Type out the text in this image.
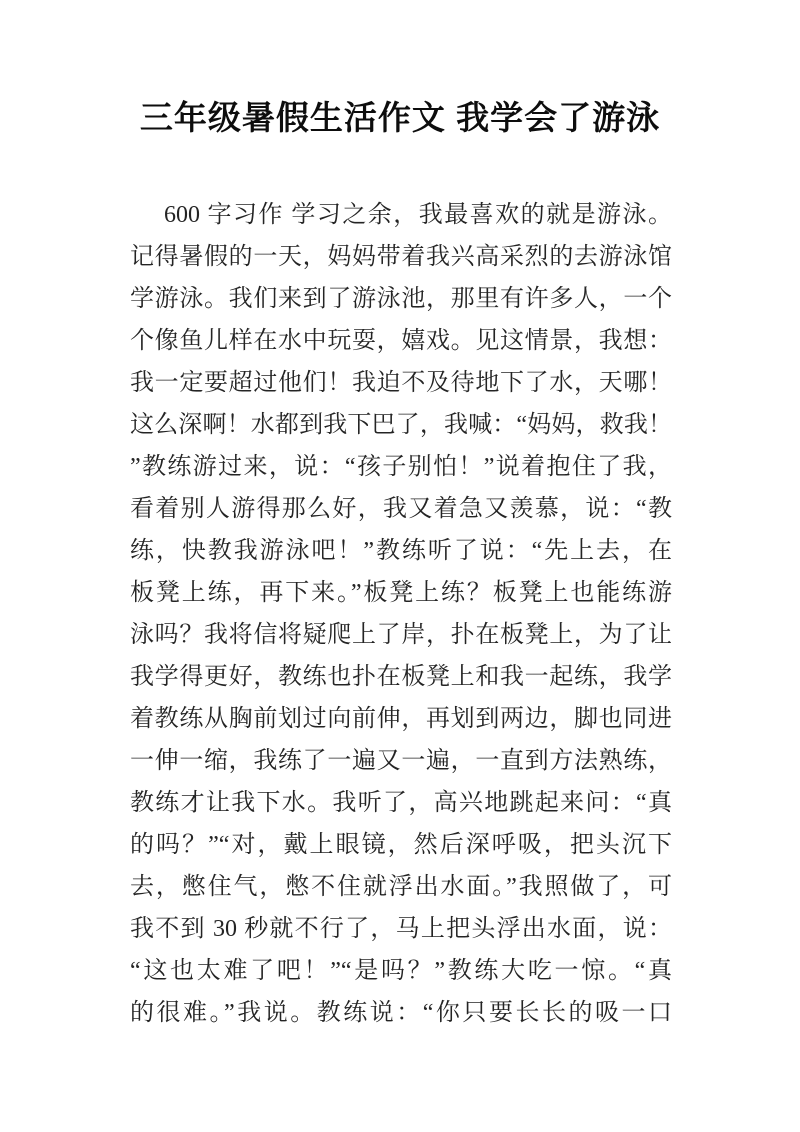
三年级暑假生活作文 我学会了游泳
600 字习作 学习之余，我最喜欢的就是游泳。
记得暑假的一天，妈妈带着我兴高采烈的去游泳馆
学游泳。我们来到了游泳池，那里有许多人，一个
个像鱼儿样在水中玩耍，嬉戏。见这情景，我想：
我一定要超过他们！我迫不及待地下了水，天哪！
这么深啊！水都到我下巴了，我喊：“妈妈，救我！
”教练游过来，说：“孩子别怕！”说着抱住了我，
看着别人游得那么好，我又着急又羡慕，说：“教
练，快教我游泳吧！”教练听了说：“先上去，在
板凳上练，再下来。”板凳上练？板凳上也能练游
泳吗？我将信将疑爬上了岸，扑在板凳上，为了让
我学得更好，教练也扑在板凳上和我一起练，我学
着教练从胸前划过向前伸，再划到两边，脚也同进
一伸一缩，我练了一遍又一遍，一直到方法熟练，
教练才让我下水。我听了，高兴地跳起来问：“真
的吗？”“对，戴上眼镜，然后深呼吸，把头沉下
去，憋住气，憋不住就浮出水面。”我照做了，可
我不到 30 秒就不行了，马上把头浮出水面，说：
“这也太难了吧！”“是吗？”教练大吃一惊。“真
的很难。”我说。教练说：“你只要长长的吸一口
